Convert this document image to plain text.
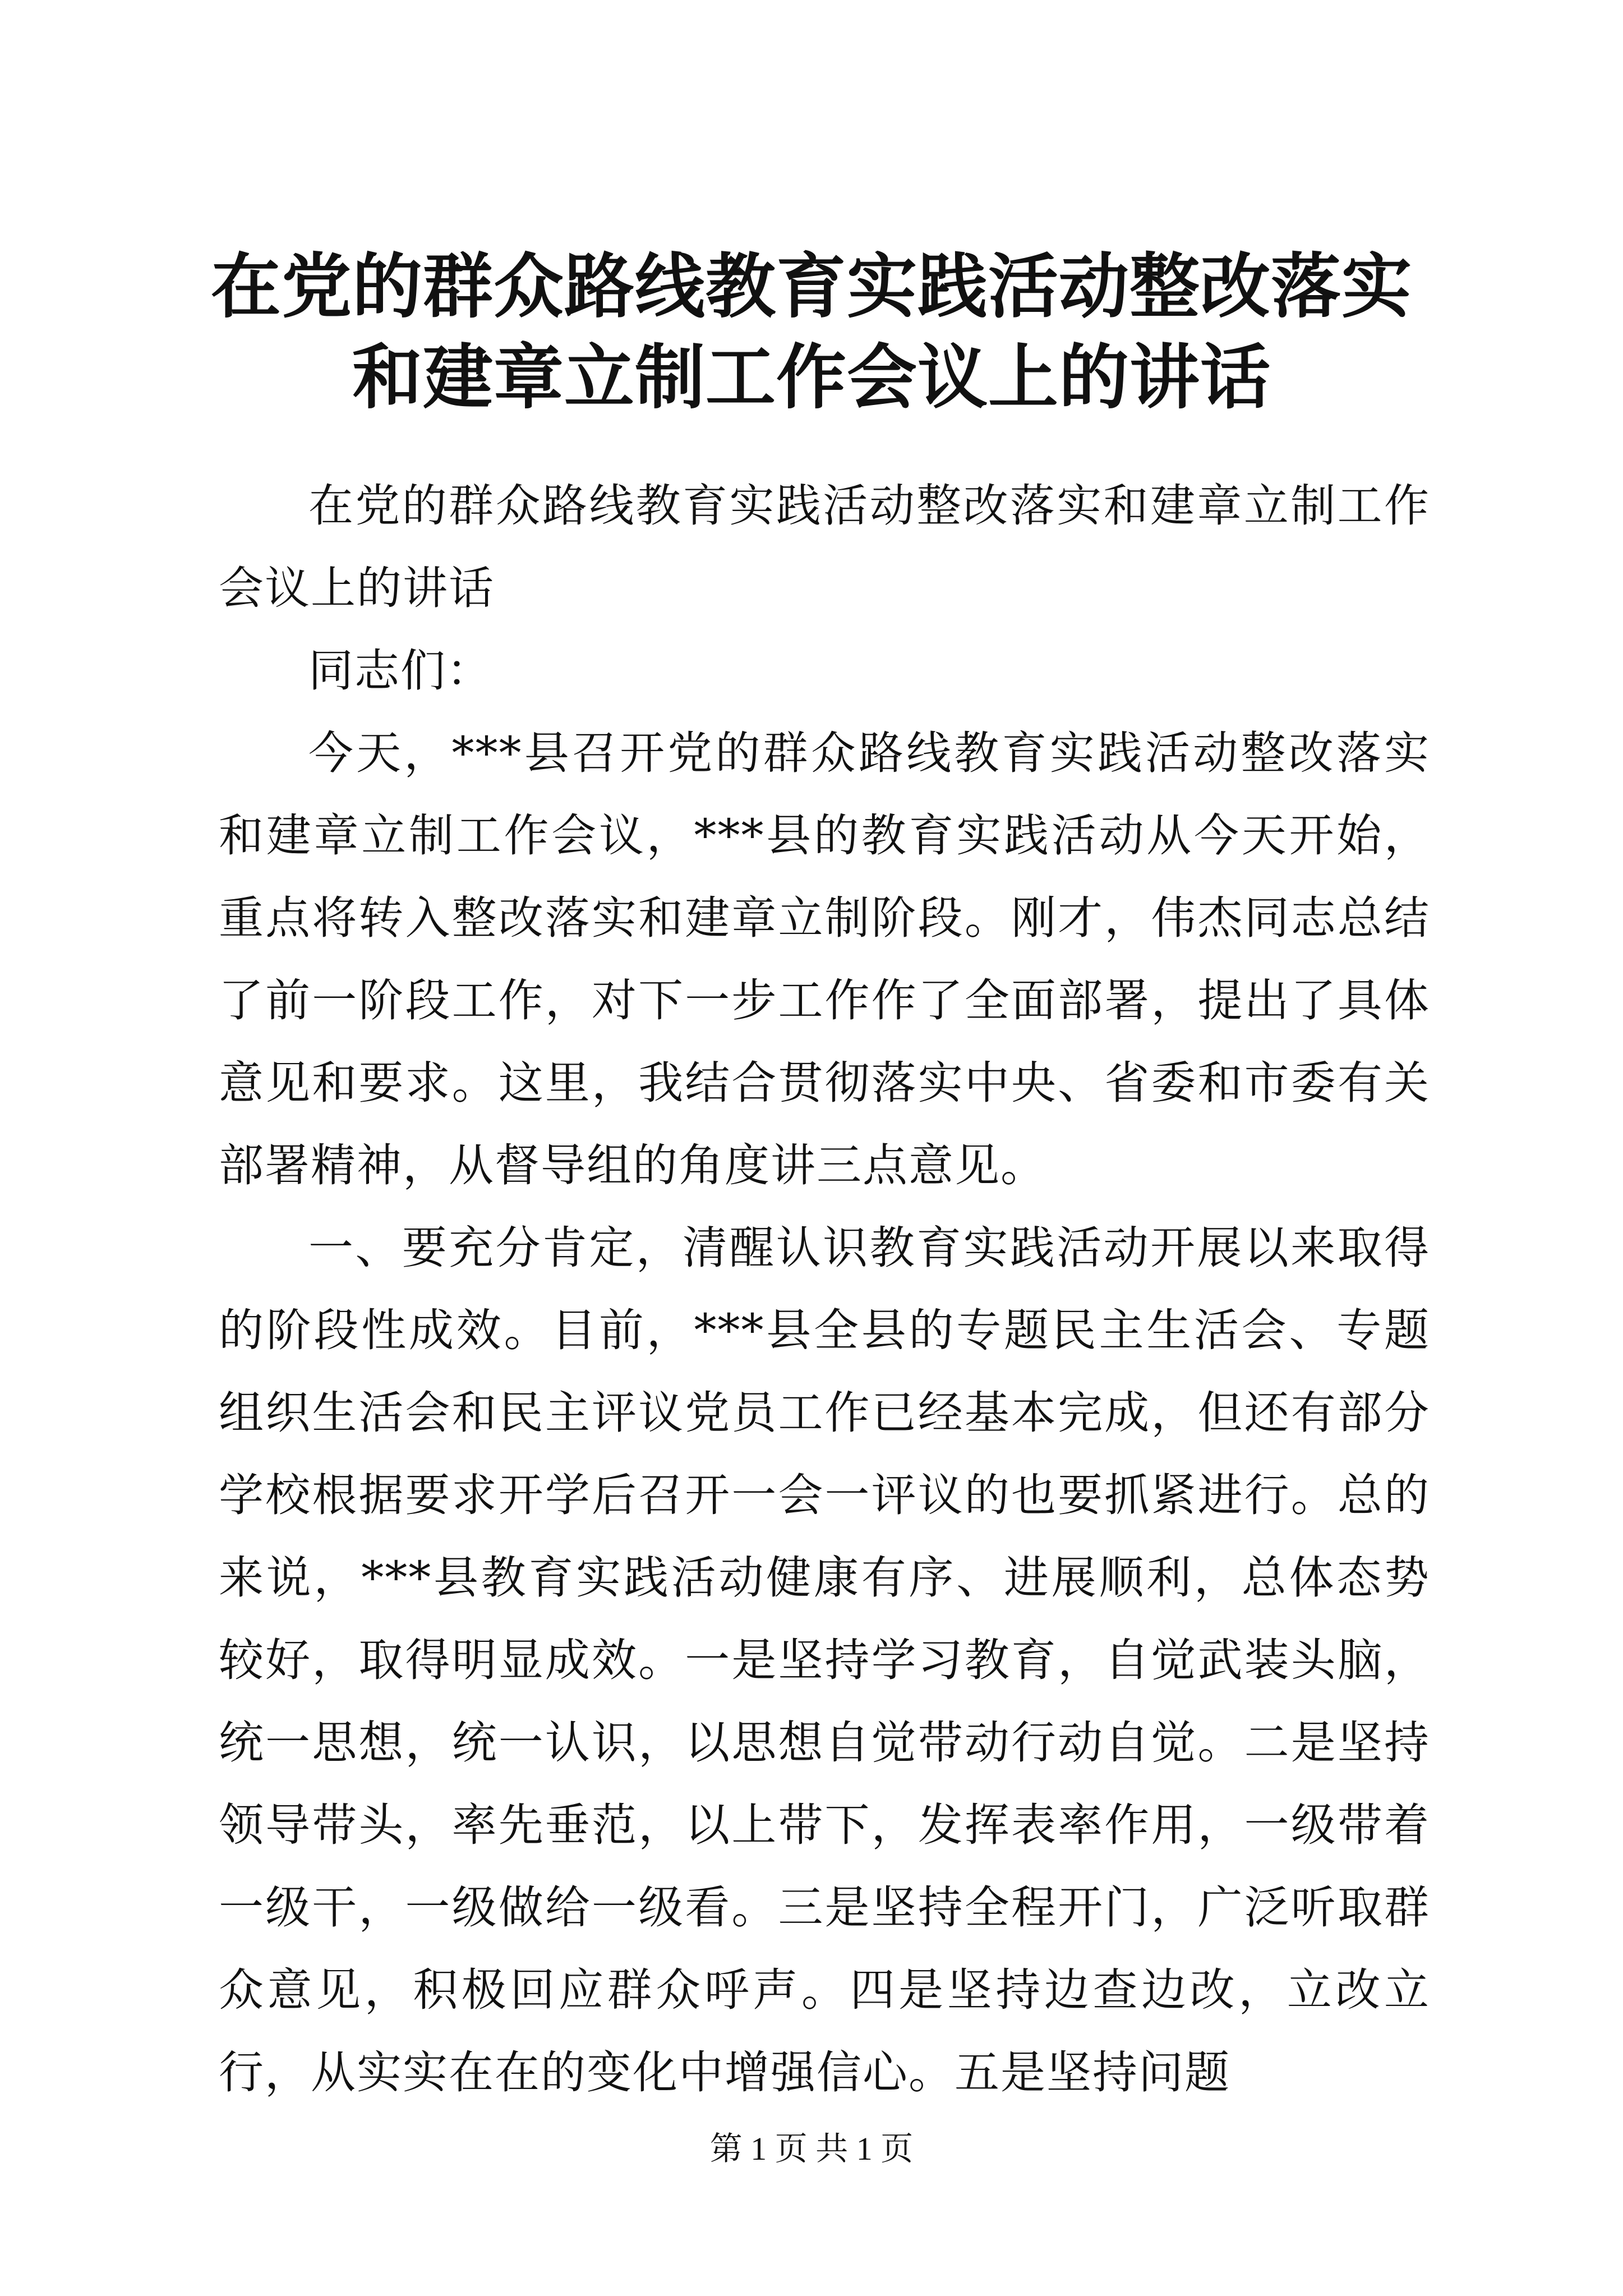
在党的群众路线教育实践活动整改落实和建章立制工作会议上的讲话

在党的群众路线教育实践活动整改落实和建章立制工作会议上的讲话

同志们：

今天，***县召开党的群众路线教育实践活动整改落实和建章立制工作会议，***县的教育实践活动从今天开始，重点将转入整改落实和建章立制阶段。刚才，伟杰同志总结了前一阶段工作，对下一步工作作了全面部署，提出了具体意见和要求。这里，我结合贯彻落实中央、省委和市委有关部署精神，从督导组的角度讲三点意见。

一、要充分肯定，清醒认识教育实践活动开展以来取得的阶段性成效。目前，***县全县的专题民主生活会、专题组织生活会和民主评议党员工作已经基本完成，但还有部分学校根据要求开学后召开一会一评议的也要抓紧进行。总的来说，***县教育实践活动健康有序、进展顺利，总体态势较好，取得明显成效。一是坚持学习教育，自觉武装头脑，统一思想，统一认识，以思想自觉带动行动自觉。二是坚持领导带头，率先垂范，以上带下，发挥表率作用，一级带着一级干，一级做给一级看。三是坚持全程开门，广泛听取群众意见，积极回应群众呼声。四是坚持边查边改，立改立行，从实实在在的变化中增强信心。五是坚持问题

第 1 页 共 1 页
